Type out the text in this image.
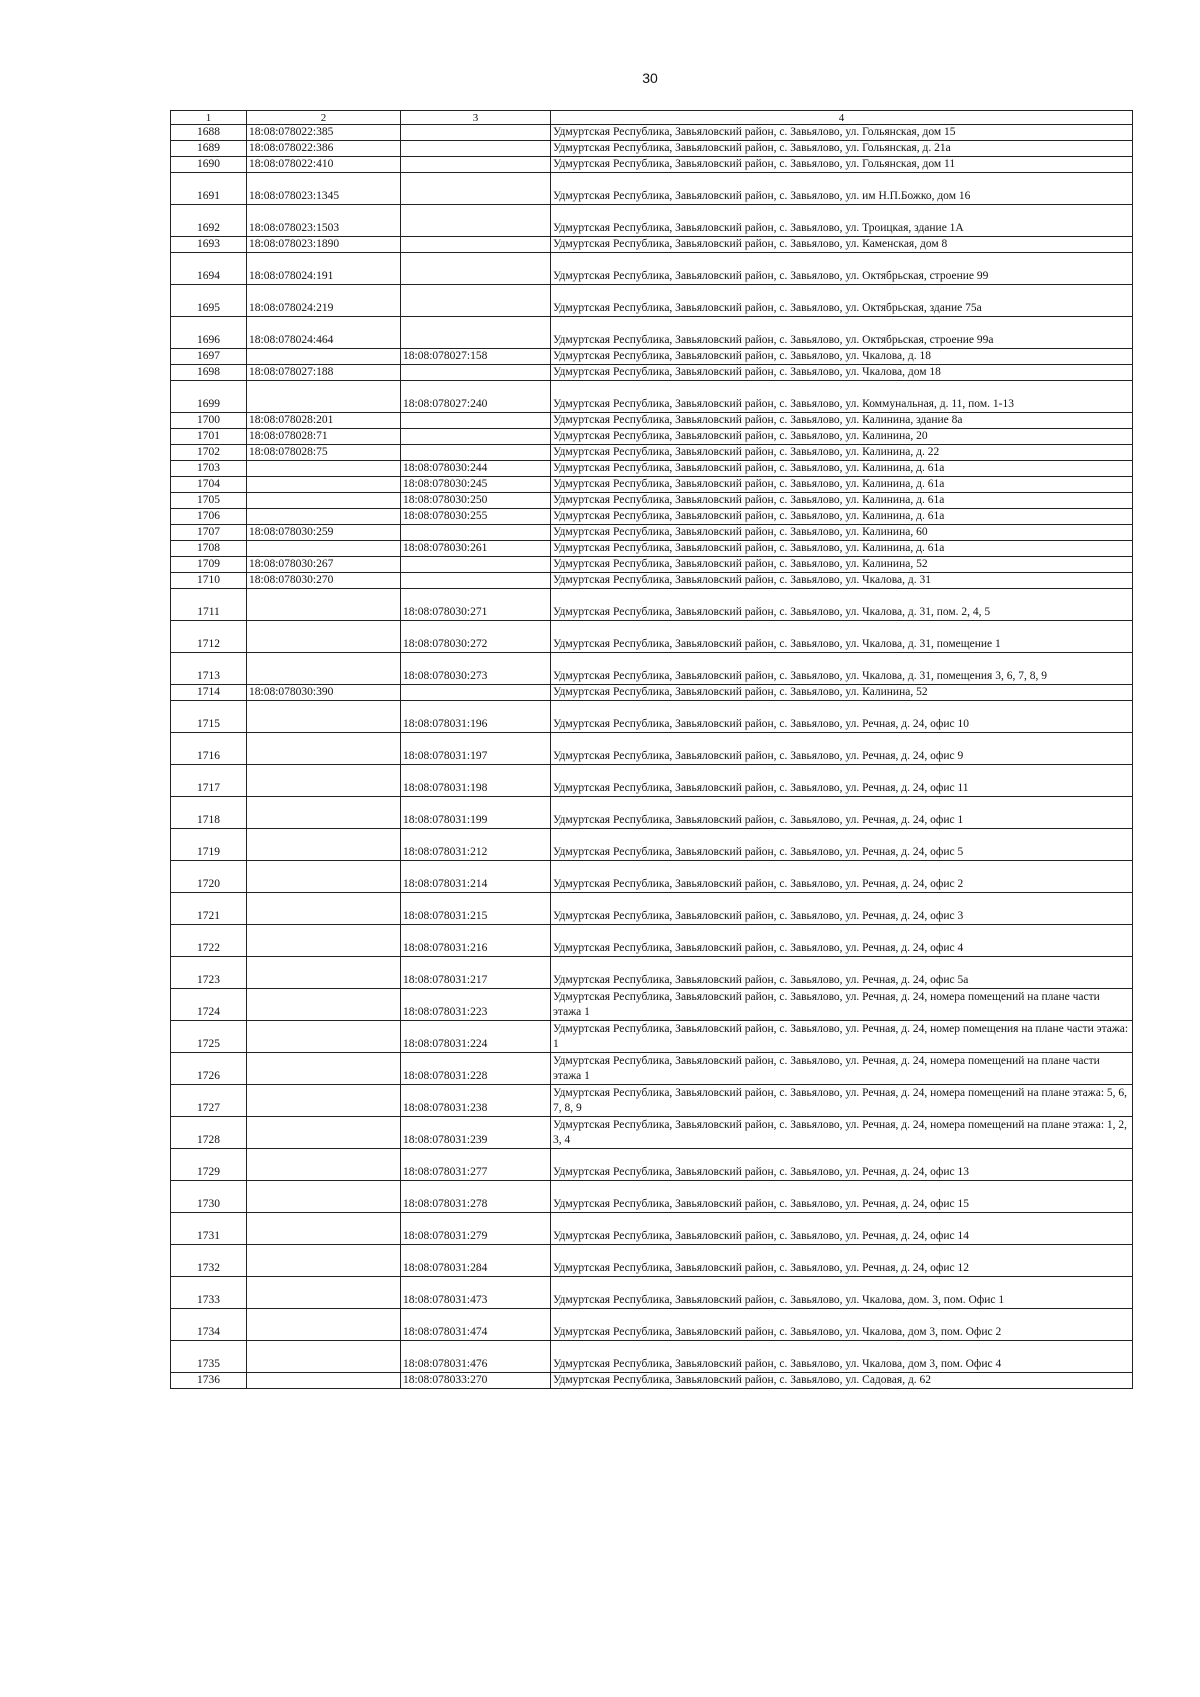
30
1	2	3	4
1688	18:08:078022:385		Удмуртская Республика, Завьяловский район, с. Завьялово, ул. Гольянская, дом 15
1689	18:08:078022:386		Удмуртская Республика, Завьяловский район, с. Завьялово, ул. Гольянская, д. 21а
1690	18:08:078022:410		Удмуртская Республика, Завьяловский район, с. Завьялово, ул. Гольянская, дом 11
1691	18:08:078023:1345		Удмуртская Республика, Завьяловский район, с. Завьялово, ул. им Н.П.Божко, дом 16
1692	18:08:078023:1503		Удмуртская Республика, Завьяловский район, с. Завьялово, ул. Троицкая, здание 1А
1693	18:08:078023:1890		Удмуртская Республика, Завьяловский район, с. Завьялово, ул. Каменская, дом 8
1694	18:08:078024:191		Удмуртская Республика, Завьяловский район, с. Завьялово, ул. Октябрьская, строение 99
1695	18:08:078024:219		Удмуртская Республика, Завьяловский район, с. Завьялово, ул. Октябрьская, здание 75а
1696	18:08:078024:464		Удмуртская Республика, Завьяловский район, с. Завьялово, ул. Октябрьская, строение 99а
1697		18:08:078027:158	Удмуртская Республика, Завьяловский район, с. Завьялово, ул. Чкалова, д. 18
1698	18:08:078027:188		Удмуртская Республика, Завьяловский район, с. Завьялово, ул. Чкалова, дом 18
1699		18:08:078027:240	Удмуртская Республика, Завьяловский район, с. Завьялово, ул. Коммунальная, д. 11, пом. 1-13
1700	18:08:078028:201		Удмуртская Республика, Завьяловский район, с. Завьялово, ул. Калинина, здание 8а
1701	18:08:078028:71		Удмуртская Республика, Завьяловский район, с. Завьялово, ул. Калинина, 20
1702	18:08:078028:75		Удмуртская Республика, Завьяловский район, с. Завьялово, ул. Калинина, д. 22
1703		18:08:078030:244	Удмуртская Республика, Завьяловский район, с. Завьялово, ул. Калинина, д. 61а
1704		18:08:078030:245	Удмуртская Республика, Завьяловский район, с. Завьялово, ул. Калинина, д. 61а
1705		18:08:078030:250	Удмуртская Республика, Завьяловский район, с. Завьялово, ул. Калинина, д. 61а
1706		18:08:078030:255	Удмуртская Республика, Завьяловский район, с. Завьялово, ул. Калинина, д. 61а
1707	18:08:078030:259		Удмуртская Республика, Завьяловский район, с. Завьялово, ул. Калинина, 60
1708		18:08:078030:261	Удмуртская Республика, Завьяловский район, с. Завьялово, ул. Калинина, д. 61а
1709	18:08:078030:267		Удмуртская Республика, Завьяловский район, с. Завьялово, ул. Калинина, 52
1710	18:08:078030:270		Удмуртская Республика, Завьяловский район, с. Завьялово, ул. Чкалова, д. 31
1711		18:08:078030:271	Удмуртская Республика, Завьяловский район, с. Завьялово, ул. Чкалова, д. 31, пом. 2, 4, 5
1712		18:08:078030:272	Удмуртская Республика, Завьяловский район, с. Завьялово, ул. Чкалова, д. 31, помещение 1
1713		18:08:078030:273	Удмуртская Республика, Завьяловский район, с. Завьялово, ул. Чкалова, д. 31, помещения 3, 6, 7, 8, 9
1714	18:08:078030:390		Удмуртская Республика, Завьяловский район, с. Завьялово, ул. Калинина, 52
1715		18:08:078031:196	Удмуртская Республика, Завьяловский район, с. Завьялово, ул. Речная, д. 24, офис 10
1716		18:08:078031:197	Удмуртская Республика, Завьяловский район, с. Завьялово, ул. Речная, д. 24, офис 9
1717		18:08:078031:198	Удмуртская Республика, Завьяловский район, с. Завьялово, ул. Речная, д. 24, офис 11
1718		18:08:078031:199	Удмуртская Республика, Завьяловский район, с. Завьялово, ул. Речная, д. 24, офис 1
1719		18:08:078031:212	Удмуртская Республика, Завьяловский район, с. Завьялово, ул. Речная, д. 24, офис 5
1720		18:08:078031:214	Удмуртская Республика, Завьяловский район, с. Завьялово, ул. Речная, д. 24, офис 2
1721		18:08:078031:215	Удмуртская Республика, Завьяловский район, с. Завьялово, ул. Речная, д. 24, офис 3
1722		18:08:078031:216	Удмуртская Республика, Завьяловский район, с. Завьялово, ул. Речная, д. 24, офис 4
1723		18:08:078031:217	Удмуртская Республика, Завьяловский район, с. Завьялово, ул. Речная, д. 24, офис 5а
1724		18:08:078031:223	Удмуртская Республика, Завьяловский район, с. Завьялово, ул. Речная, д. 24, номера помещений на плане части этажа 1
1725		18:08:078031:224	Удмуртская Республика, Завьяловский район, с. Завьялово, ул. Речная, д. 24, номер помещения на плане части этажа: 1
1726		18:08:078031:228	Удмуртская Республика, Завьяловский район, с. Завьялово, ул. Речная, д. 24, номера помещений на плане части этажа 1
1727		18:08:078031:238	Удмуртская Республика, Завьяловский район, с. Завьялово, ул. Речная, д. 24, номера помещений на плане этажа: 5, 6, 7, 8, 9
1728		18:08:078031:239	Удмуртская Республика, Завьяловский район, с. Завьялово, ул. Речная, д. 24, номера помещений на плане этажа: 1, 2, 3, 4
1729		18:08:078031:277	Удмуртская Республика, Завьяловский район, с. Завьялово, ул. Речная, д. 24, офис 13
1730		18:08:078031:278	Удмуртская Республика, Завьяловский район, с. Завьялово, ул. Речная, д. 24, офис 15
1731		18:08:078031:279	Удмуртская Республика, Завьяловский район, с. Завьялово, ул. Речная, д. 24, офис 14
1732		18:08:078031:284	Удмуртская Республика, Завьяловский район, с. Завьялово, ул. Речная, д. 24, офис 12
1733		18:08:078031:473	Удмуртская Республика, Завьяловский район, с. Завьялово, ул. Чкалова, дом. 3, пом. Офис 1
1734		18:08:078031:474	Удмуртская Республика, Завьяловский район, с. Завьялово, ул. Чкалова, дом 3, пом. Офис 2
1735		18:08:078031:476	Удмуртская Республика, Завьяловский район, с. Завьялово, ул. Чкалова, дом 3, пом. Офис 4
1736		18:08:078033:270	Удмуртская Республика, Завьяловский район, с. Завьялово, ул. Садовая, д. 62
